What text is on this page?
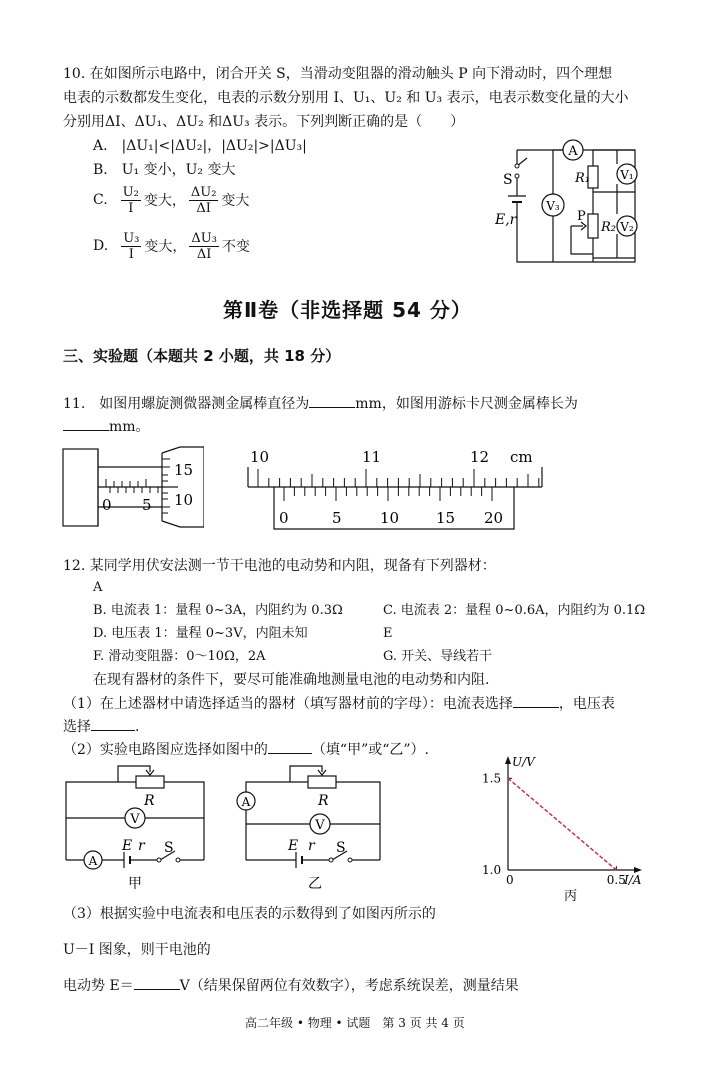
10. 在如图所示电路中，闭合开关 S，当滑动变阻器的滑动触头 P 向下滑动时，四个理想
电表的示数都发生变化，电表的示数分别用 I、U₁、U₂ 和 U₃ 表示，电表示数变化量的大小
分别用ΔI、ΔU₁、ΔU₂ 和ΔU₃ 表示。下列判断正确的是（　　）
A.　|ΔU₁|<|ΔU₂|，|ΔU₂|>|ΔU₃|
B.　U₁ 变小，U₂ 变大
C. $\frac{\text{U₂}}{I}$ 变大， $\frac{\text{ΔU₂}}{\Delta I}$ 变大
D. $\frac{\text{U₃}}{I}$ 变大， $\frac{\text{ΔU₃}}{\Delta I}$ 不变
A
V₃
V₁
V₂
S
E,r
R₁
R₂
P
第Ⅱ卷（非选择题 54 分）
三、实验题（本题共 2 小题，共 18 分）
11.　如图用螺旋测微器测金属棒直径为	mm，如图用游标卡尺测金属棒长为
mm。
15
10
0 5
10	11	12 cm
0	5	10 15 20
12. 某同学用伏安法测一节干电池的电动势和内阻，现备有下列器材：
A
B. 电流表 1：量程 0~3A，内阻约为 0.3Ω	C. 电流表 2：量程 0~0.6A，内阻约为 0.1Ω
D. 电压表 1：量程 0~3V，内阻未知	E
F. 滑动变阻器：0～10Ω，2A	G. 开关、导线若干
在现有器材的条件下，要尽可能准确地测量电池的电动势和内阻.
（1）在上述器材中请选择适当的器材（填写器材前的字母）：电流表选择	，电压表
选择	.
（2）实验电路图应选择如图中的	（填“甲”或“乙”）.
V
A
R
E r S
甲
A
V
R
E r S
乙
U/V
I/A
1.5
1.0
0	0.5
丙
（3）根据实验中电流表和电压表的示数得到了如图丙所示的
U－I 图象，则干电池的
电动势 E＝	V（结果保留两位有效数字），考虑系统误差，测量结果
高二年级 • 物理 • 试题　第 3 页 共 4 页
